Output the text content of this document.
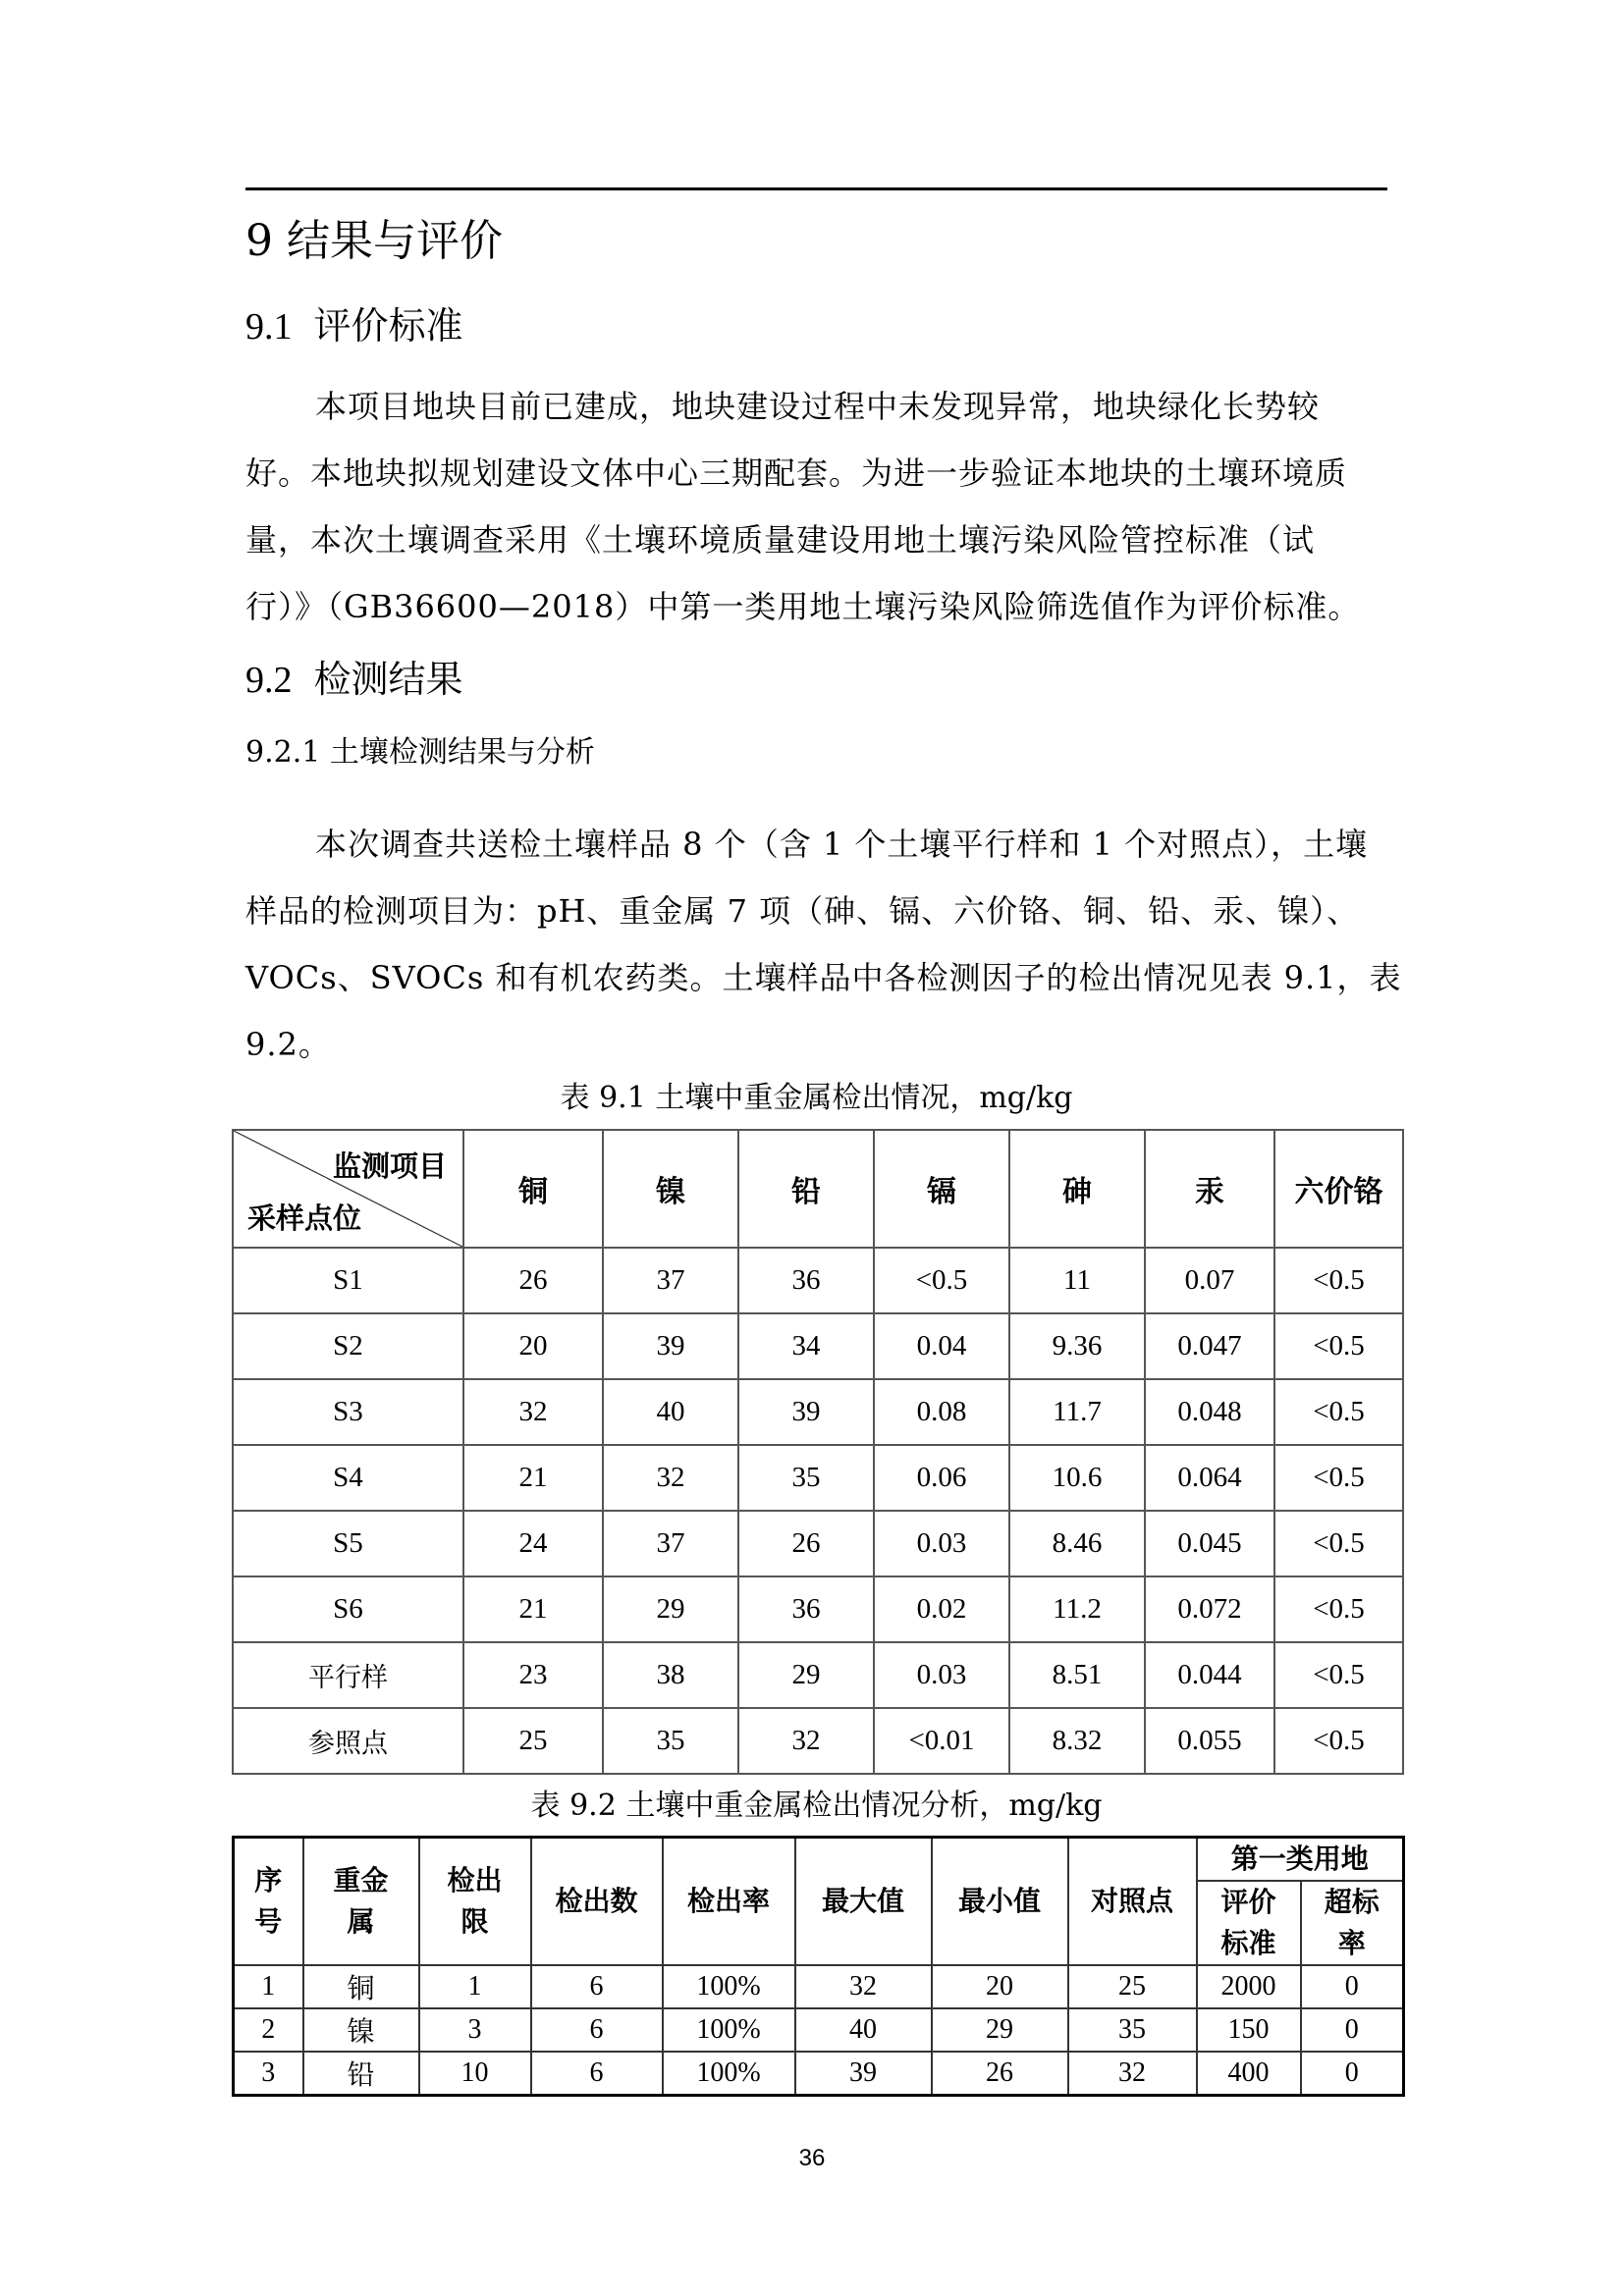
9 结果与评价
9.1 评价标准
本项目地块目前已建成，地块建设过程中未发现异常，地块绿化长势较
好。本地块拟规划建设文体中心三期配套。为进一步验证本地块的土壤环境质
量，本次土壤调查采用《土壤环境质量建设用地土壤污染风险管控标准（试
行）》（GB36600—2018）中第一类用地土壤污染风险筛选值作为评价标准。
9.2 检测结果
9.2.1 土壤检测结果与分析
本次调查共送检土壤样品 8 个（含 1 个土壤平行样和 1 个对照点），土壤
样品的检测项目为：pH、重金属 7 项（砷、镉、六价铬、铜、铅、汞、镍）、
VOCs、SVOCs 和有机农药类。土壤样品中各检测因子的检出情况见表 9.1，表
9.2。
表 9.1 土壤中重金属检出情况，mg/kg
监测项目
采样点位	铜	镍	铅	镉	砷	汞	六价铬
S1	26	37	36	<0.5	11	0.07	<0.5
S2	20	39	34	0.04	9.36	0.047	<0.5
S3	32	40	39	0.08	11.7	0.048	<0.5
S4	21	32	35	0.06	10.6	0.064	<0.5
S5	24	37	26	0.03	8.46	0.045	<0.5
S6	21	29	36	0.02	11.2	0.072	<0.5
平行样	23	38	29	0.03	8.51	0.044	<0.5
参照点	25	35	32	<0.01	8.32	0.055	<0.5
表 9.2 土壤中重金属检出情况分析，mg/kg
序号	重金属	检出限	检出数	检出率	最大值	最小值	对照点	第一类用地	
								评价标准	超标率
1	铜	1	6	100%	32	20	25	2000	0
2	镍	3	6	100%	40	29	35	150	0
3	铅	10	6	100%	39	26	32	400	0
36
